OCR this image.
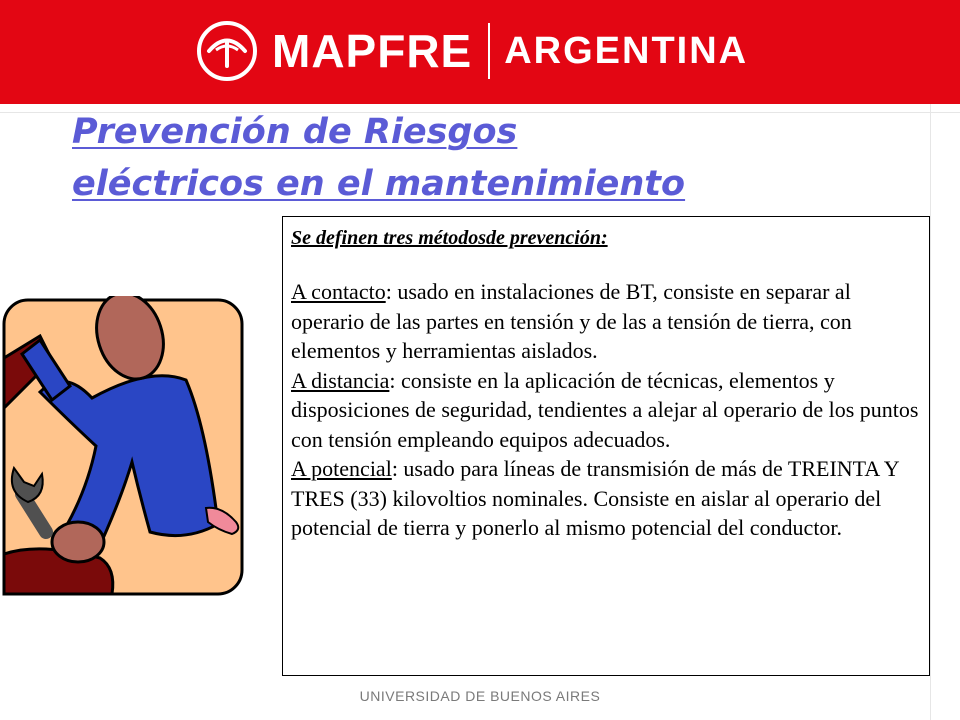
MAPFRE ARGENTINA
Prevención de Riesgos
eléctricos en el mantenimiento

Se definen tres métodosde prevención:

A contacto: usado en instalaciones de BT, consiste en separar al operario de las partes en tensión y de las a tensión de tierra, con elementos y herramientas aislados.

A distancia: consiste en la aplicación de técnicas, elementos y disposiciones de seguridad, tendientes a alejar al operario de los puntos con tensión empleando equipos adecuados.

A potencial: usado para líneas de transmisión de más de TREINTA Y TRES (33) kilovoltios nominales. Consiste en aislar al operario del potencial de tierra y ponerlo al mismo potencial del conductor.

UNIVERSIDAD DE BUENOS AIRES
